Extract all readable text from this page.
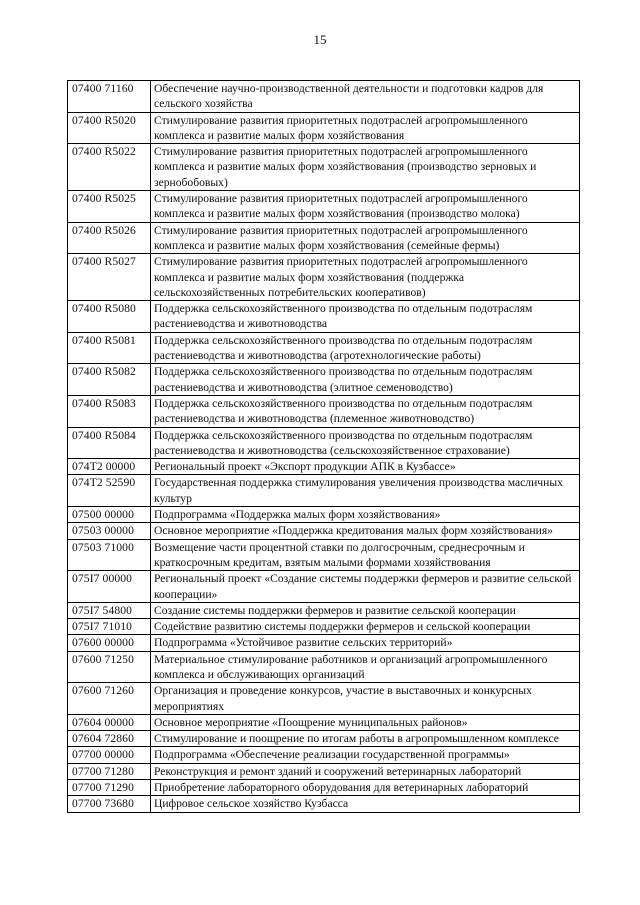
15
07400 71160	Обеспечение научно-производственной деятельности и подготовки кадров для сельского хозяйства
07400 R5020	Стимулирование развития приоритетных подотраслей агропромышленного комплекса и развитие малых форм хозяйствования
07400 R5022	Стимулирование развития приоритетных подотраслей агропромышленного комплекса и развитие малых форм хозяйствования (производство зерновых и зернобобовых)
07400 R5025	Стимулирование развития приоритетных подотраслей агропромышленного комплекса и развитие малых форм хозяйствования (производство молока)
07400 R5026	Стимулирование развития приоритетных подотраслей агропромышленного комплекса и развитие малых форм хозяйствования (семейные фермы)
07400 R5027	Стимулирование развития приоритетных подотраслей агропромышленного комплекса и развитие малых форм хозяйствования (поддержка сельскохозяйственных потребительских кооперативов)
07400 R5080	Поддержка сельскохозяйственного производства по отдельным подотраслям растениеводства и животноводства
07400 R5081	Поддержка сельскохозяйственного производства по отдельным подотраслям растениеводства и животноводства (агротехнологические работы)
07400 R5082	Поддержка сельскохозяйственного производства по отдельным подотраслям растениеводства и животноводства (элитное семеноводство)
07400 R5083	Поддержка сельскохозяйственного производства по отдельным подотраслям растениеводства и животноводства (племенное животноводство)
07400 R5084	Поддержка сельскохозяйственного производства по отдельным подотраслям растениеводства и животноводства (сельскохозяйственное страхование)
074T2 00000	Региональный проект «Экспорт продукции АПК в Кузбассе»
074T2 52590	Государственная поддержка стимулирования увеличения производства масличных культур
07500 00000	Подпрограмма «Поддержка малых форм хозяйствования»
07503 00000	Основное мероприятие «Поддержка кредитования малых форм хозяйствования»
07503 71000	Возмещение части процентной ставки по долгосрочным, среднесрочным и краткосрочным кредитам, взятым малыми формами хозяйствования
075I7 00000	Региональный проект «Создание системы поддержки фермеров и развитие сельской кооперации»
075I7 54800	Создание системы поддержки фермеров и развитие сельской кооперации
075I7 71010	Содействие развитию системы поддержки фермеров и сельской кооперации
07600 00000	Подпрограмма «Устойчивое развитие сельских территорий»
07600 71250	Материальное стимулирование работников и организаций агропромышленного комплекса и обслуживающих организаций
07600 71260	Организация и проведение конкурсов, участие в выставочных и конкурсных мероприятиях
07604 00000	Основное мероприятие «Поощрение муниципальных районов»
07604 72860	Стимулирование и поощрение по итогам работы в агропромышленном комплексе
07700 00000	Подпрограмма «Обеспечение реализации государственной программы»
07700 71280	Реконструкция и ремонт зданий и сооружений ветеринарных лабораторий
07700 71290	Приобретение лабораторного оборудования для ветеринарных лабораторий
07700 73680	Цифровое сельское хозяйство Кузбасса
